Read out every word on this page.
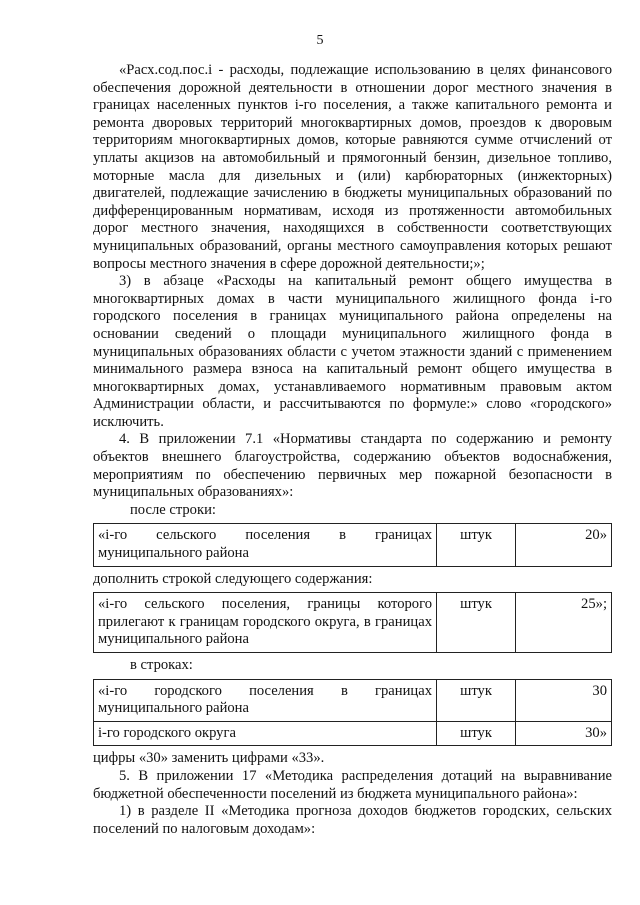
5

«Расх.сод.пос.i - расходы, подлежащие использованию в целях финансового обеспечения дорожной деятельности в отношении дорог местного значения в границах населенных пунктов i-го поселения, а также капитального ремонта и ремонта дворовых территорий многоквартирных домов, проездов к дворовым территориям многоквартирных домов, которые равняются сумме отчислений от уплаты акцизов на автомобильный и прямогонный бензин, дизельное топливо, моторные масла для дизельных и (или) карбюраторных (инжекторных) двигателей, подлежащие зачислению в бюджеты муниципальных образований по дифференцированным нормативам, исходя из протяженности автомобильных дорог местного значения, находящихся в собственности соответствующих муниципальных образований, органы местного самоуправления которых решают вопросы местного значения в сфере дорожной деятельности;»;

3) в абзаце «Расходы на капитальный ремонт общего имущества в многоквартирных домах в части муниципального жилищного фонда i-го городского поселения в границах муниципального района определены на основании сведений о площади муниципального жилищного фонда в муниципальных образованиях области с учетом этажности зданий с применением минимального размера взноса на капитальный ремонт общего имущества в многоквартирных домах, устанавливаемого нормативным правовым актом Администрации области, и рассчитываются по формуле:» слово «городского» исключить.

4. В приложении 7.1 «Нормативы стандарта по содержанию и ремонту объектов внешнего благоустройства, содержанию объектов водоснабжения, мероприятиям по обеспечению первичных мер пожарной безопасности в муниципальных образованиях»:

после строки:

«i-го сельского поселения в границах муниципального района	штук	20»

дополнить строкой следующего содержания:

«i-го сельского поселения, границы которого прилегают к границам городского округа, в границах муниципального района	штук	25»;

в строках:

«i-го городского поселения в границах муниципального района	штук	30
i-го городского округа	штук	30»

цифры «30» заменить цифрами «33».

5. В приложении 17 «Методика распределения дотаций на выравнивание бюджетной обеспеченности поселений из бюджета муниципального района»:

1) в разделе II «Методика прогноза доходов бюджетов городских, сельских поселений по налоговым доходам»:
